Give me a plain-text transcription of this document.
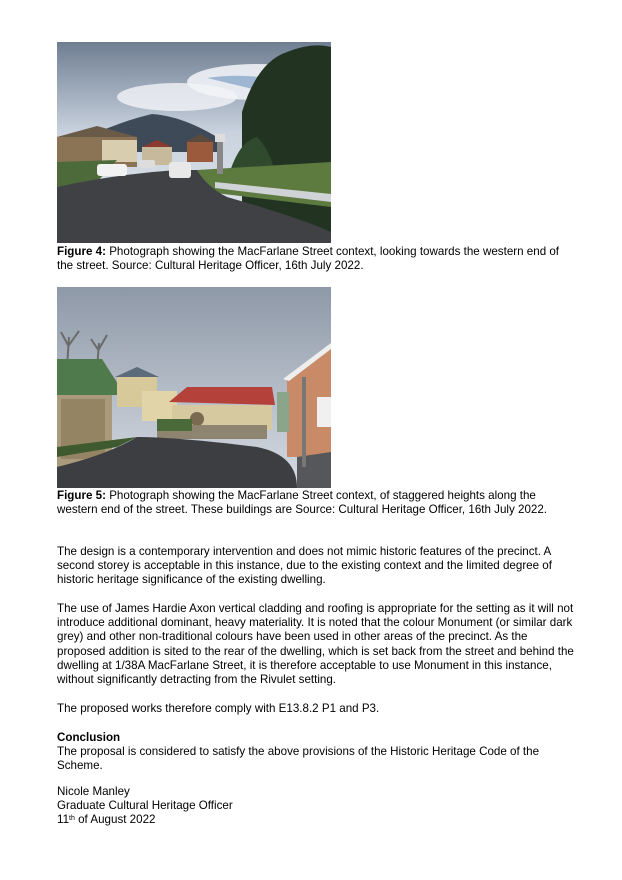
Figure 4: Photograph showing the MacFarlane Street context, looking towards the western end of the street. Source: Cultural Heritage Officer, 16th July 2022.

Figure 5: Photograph showing the MacFarlane Street context, of staggered heights along the western end of the street. These buildings are Source: Cultural Heritage Officer, 16th July 2022.

The design is a contemporary intervention and does not mimic historic features of the precinct. A second storey is acceptable in this instance, due to the existing context and the limited degree of historic heritage significance of the existing dwelling.

The use of James Hardie Axon vertical cladding and roofing is appropriate for the setting as it will not introduce additional dominant, heavy materiality. It is noted that the colour Monument (or similar dark grey) and other non-traditional colours have been used in other areas of the precinct. As the proposed addition is sited to the rear of the dwelling, which is set back from the street and behind the dwelling at 1/38A MacFarlane Street, it is therefore acceptable to use Monument in this instance, without significantly detracting from the Rivulet setting.

The proposed works therefore comply with E13.8.2 P1 and P3.

Conclusion

The proposal is considered to satisfy the above provisions of the Historic Heritage Code of the Scheme.

Nicole Manley

Graduate Cultural Heritage Officer

11th of August 2022
